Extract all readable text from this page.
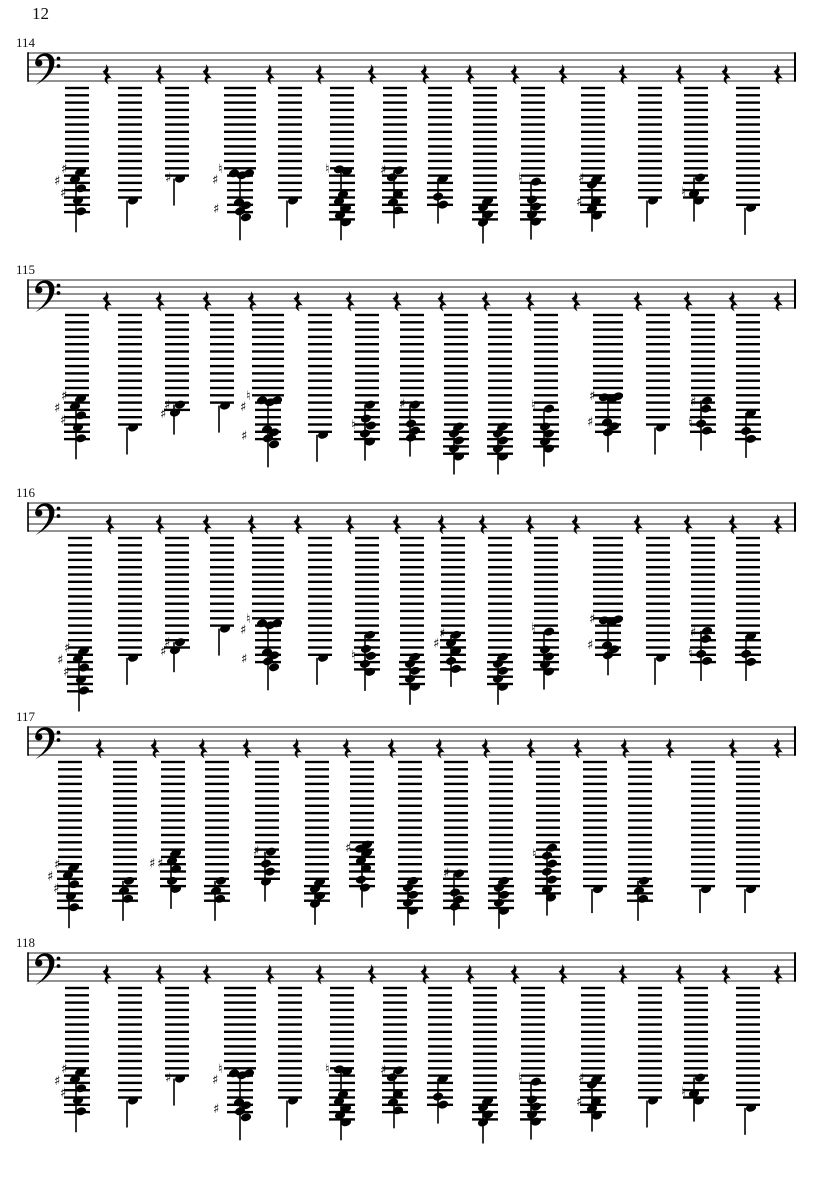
12
114
♯
♯
♯
♯
♮
♯
♯
♮	♯
♮	♯
♯
♮
115
♯
♯
♯
♯
♯
♮
♯
♯
♮
♯	♮
♯
♯
♯
♮
116
♯
♯
♯
♯
♯
♮
♯
♯	♮
♯
♯
♮
♯
♯
♯
♮
117
♯
♯
♯
♯ ♯
♯	♯
♯
♮
118
♯
♯
♯
♯
♮
♯
♯
♮	♯
♮	♯
♯
♮
